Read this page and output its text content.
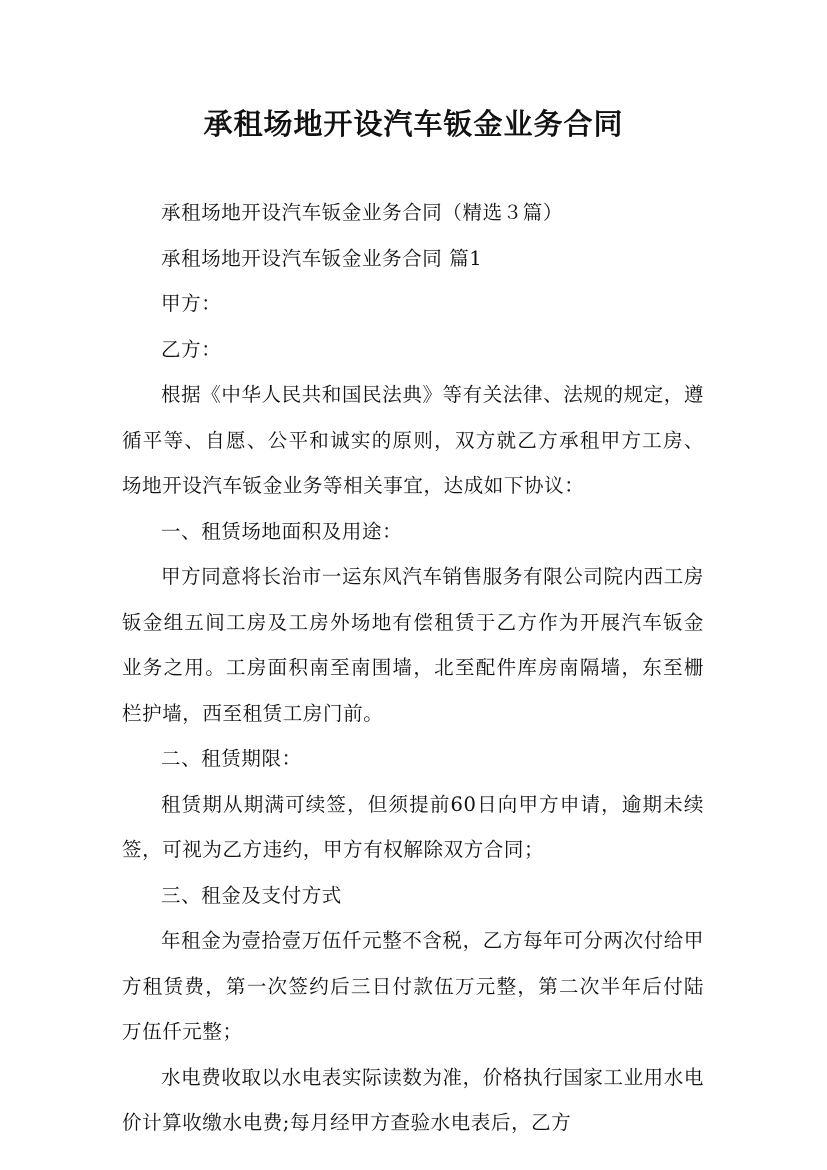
承租场地开设汽车钣金业务合同

承租场地开设汽车钣金业务合同（精选３篇）

承租场地开设汽车钣金业务合同 篇1

甲方：

乙方：

根据《中华人民共和国民法典》等有关法律、法规的规定，遵循平等、自愿、公平和诚实的原则，双方就乙方承租甲方工房、场地开设汽车钣金业务等相关事宜，达成如下协议：

一、租赁场地面积及用途：

甲方同意将长治市一运东风汽车销售服务有限公司院内西工房钣金组五间工房及工房外场地有偿租赁于乙方作为开展汽车钣金业务之用。工房面积南至南围墙，北至配件库房南隔墙，东至栅栏护墙，西至租赁工房门前。

二、租赁期限：

租赁期从期满可续签，但须提前60日向甲方申请，逾期未续签，可视为乙方违约，甲方有权解除双方合同；

三、租金及支付方式

年租金为壹拾壹万伍仟元整不含税，乙方每年可分两次付给甲方租赁费，第一次签约后三日付款伍万元整，第二次半年后付陆万伍仟元整；

水电费收取以水电表实际读数为准，价格执行国家工业用水电价计算收缴水电费;每月经甲方查验水电表后，乙方
